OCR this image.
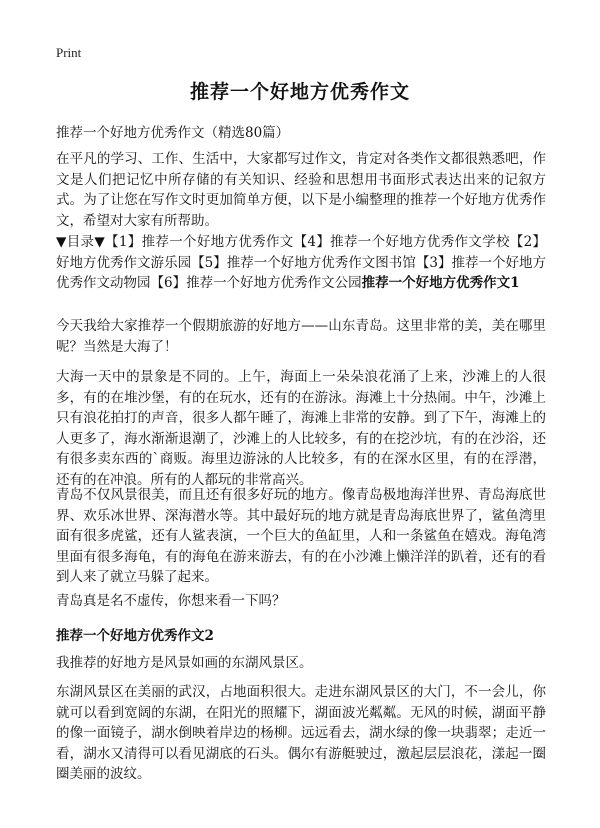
Print
推荐一个好地方优秀作文
推荐一个好地方优秀作文（精选80篇）
在平凡的学习、工作、生活中，大家都写过作文，肯定对各类作文都很熟悉吧，作文是人们把记忆中所存储的有关知识、经验和思想用书面形式表达出来的记叙方式。为了让您在写作文时更加简单方便，以下是小编整理的推荐一个好地方优秀作文，希望对大家有所帮助。
▼目录▼【1】推荐一个好地方优秀作文【4】推荐一个好地方优秀作文学校【2】好地方优秀作文游乐园【5】推荐一个好地方优秀作文图书馆【3】推荐一个好地方优秀作文动物园【6】推荐一个好地方优秀作文公园推荐一个好地方优秀作文1
今天我给大家推荐一个假期旅游的好地方——山东青岛。这里非常的美，美在哪里呢？当然是大海了！
大海一天中的景象是不同的。上午，海面上一朵朵浪花涌了上来，沙滩上的人很多，有的在堆沙堡，有的在玩水，还有的在游泳。海滩上十分热闹。中午，沙滩上只有浪花拍打的声音，很多人都午睡了，海滩上非常的安静。到了下午，海滩上的人更多了，海水渐渐退潮了，沙滩上的人比较多，有的在挖沙坑，有的在沙浴，还有很多卖东西的`商贩。海里边游泳的人比较多，有的在深水区里，有的在浮潜，还有的在冲浪。所有的人都玩的非常高兴。
青岛不仅风景很美，而且还有很多好玩的地方。像青岛极地海洋世界、青岛海底世界、欢乐冰世界、深海潜水等。其中最好玩的地方就是青岛海底世界了，鲨鱼湾里面有很多虎鲨，还有人鲨表演，一个巨大的鱼缸里，人和一条鲨鱼在嬉戏。海龟湾里面有很多海龟，有的海龟在游来游去，有的在小沙滩上懒洋洋的趴着，还有的看到人来了就立马躲了起来。
青岛真是名不虚传，你想来看一下吗？
推荐一个好地方优秀作文2
我推荐的好地方是风景如画的东湖风景区。
东湖风景区在美丽的武汉，占地面积很大。走进东湖风景区的大门，不一会儿，你就可以看到宽阔的东湖，在阳光的照耀下，湖面波光粼粼。无风的时候，湖面平静的像一面镜子，湖水倒映着岸边的杨柳。远远看去，湖水绿的像一块翡翠；走近一看，湖水又清得可以看见湖底的石头。偶尔有游艇驶过，激起层层浪花，漾起一圈圈美丽的波纹。
